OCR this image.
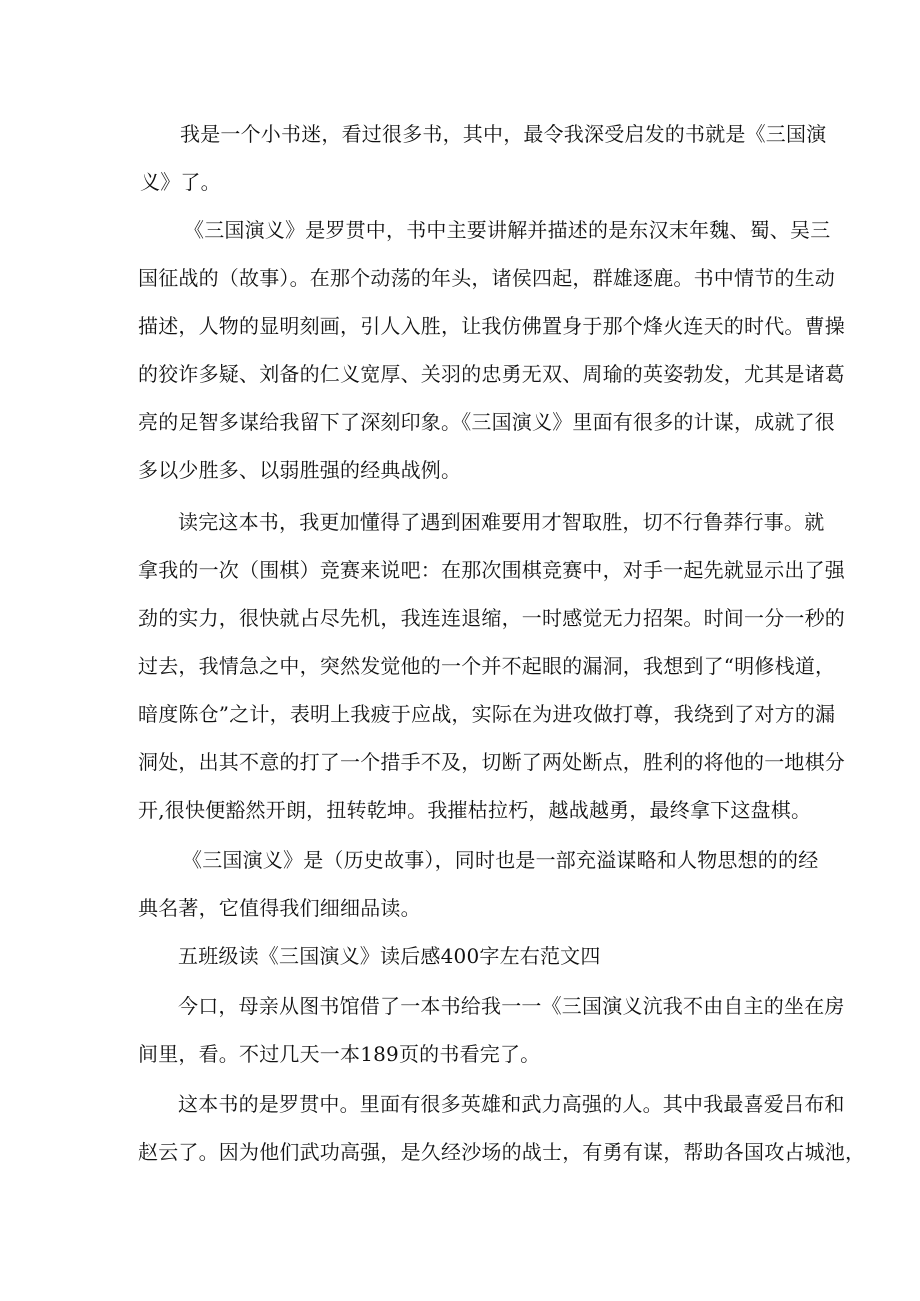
我是一个小书迷，看过很多书，其中，最令我深受启发的书就是《三国演
义》了。
《三国演义》是罗贯中，书中主要讲解并描述的是东汉末年魏、蜀、吴三
国征战的（故事）。在那个动荡的年头，诸侯四起，群雄逐鹿。书中情节的生动
描述，人物的显明刻画，引人入胜，让我仿佛置身于那个烽火连天的时代。曹操
的狡诈多疑、刘备的仁义宽厚、关羽的忠勇无双、周瑜的英姿勃发，尤其是诸葛
亮的足智多谋给我留下了深刻印象。《三国演义》里面有很多的计谋，成就了很
多以少胜多、以弱胜强的经典战例。
读完这本书，我更加懂得了遇到困难要用才智取胜，切不行鲁莽行事。就
拿我的一次（围棋）竞赛来说吧：在那次围棋竞赛中，对手一起先就显示出了强
劲的实力，很快就占尽先机，我连连退缩，一时感觉无力招架。时间一分一秒的
过去，我情急之中，突然发觉他的一个并不起眼的漏洞，我想到了“明修栈道，
暗度陈仓”之计，表明上我疲于应战，实际在为进攻做打尊，我绕到了对方的漏
洞处，出其不意的打了一个措手不及，切断了两处断点，胜利的将他的一地棋分
开,很快便豁然开朗，扭转乾坤。我摧枯拉朽，越战越勇，最终拿下这盘棋。
《三国演义》是（历史故事），同时也是一部充溢谋略和人物思想的的经
典名著，它值得我们细细品读。
五班级读《三国演义》读后感400字左右范文四
今口，母亲从图书馆借了一本书给我一一《三国演义沆我不由自主的坐在房
间里，看。不过几天一本189页的书看完了。
这本书的是罗贯中。里面有很多英雄和武力高强的人。其中我最喜爱吕布和
赵云了。因为他们武功高强，是久经沙场的战士，有勇有谋，帮助各国攻占城池，
